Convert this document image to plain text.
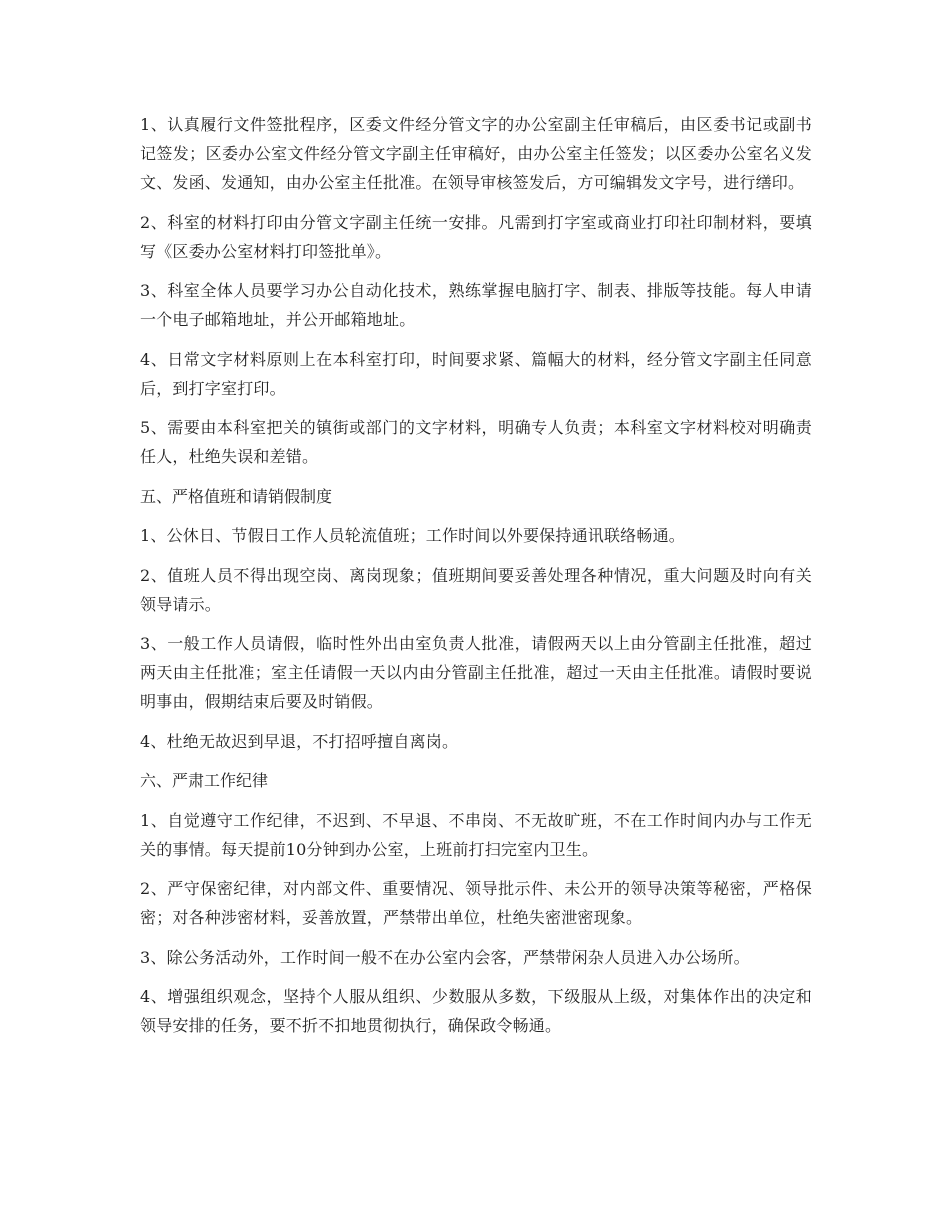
1、认真履行文件签批程序，区委文件经分管文字的办公室副主任审稿后，由区委书记或副书记签发；区委办公室文件经分管文字副主任审稿好，由办公室主任签发；以区委办公室名义发文、发函、发通知，由办公室主任批准。在领导审核签发后，方可编辑发文字号，进行缮印。

2、科室的材料打印由分管文字副主任统一安排。凡需到打字室或商业打印社印制材料，要填写《区委办公室材料打印签批单》。

3、科室全体人员要学习办公自动化技术，熟练掌握电脑打字、制表、排版等技能。每人申请一个电子邮箱地址，并公开邮箱地址。

4、日常文字材料原则上在本科室打印，时间要求紧、篇幅大的材料，经分管文字副主任同意后，到打字室打印。

5、需要由本科室把关的镇街或部门的文字材料，明确专人负责；本科室文字材料校对明确责任人，杜绝失误和差错。

五、严格值班和请销假制度

1、公休日、节假日工作人员轮流值班；工作时间以外要保持通讯联络畅通。

2、值班人员不得出现空岗、离岗现象；值班期间要妥善处理各种情况，重大问题及时向有关领导请示。

3、一般工作人员请假，临时性外出由室负责人批准，请假两天以上由分管副主任批准，超过两天由主任批准；室主任请假一天以内由分管副主任批准，超过一天由主任批准。请假时要说明事由，假期结束后要及时销假。

4、杜绝无故迟到早退，不打招呼擅自离岗。

六、严肃工作纪律

1、自觉遵守工作纪律，不迟到、不早退、不串岗、不无故旷班，不在工作时间内办与工作无关的事情。每天提前10分钟到办公室，上班前打扫完室内卫生。

2、严守保密纪律，对内部文件、重要情况、领导批示件、未公开的领导决策等秘密，严格保密；对各种涉密材料，妥善放置，严禁带出单位，杜绝失密泄密现象。

3、除公务活动外，工作时间一般不在办公室内会客，严禁带闲杂人员进入办公场所。

4、增强组织观念，坚持个人服从组织、少数服从多数，下级服从上级，对集体作出的决定和领导安排的任务，要不折不扣地贯彻执行，确保政令畅通。
